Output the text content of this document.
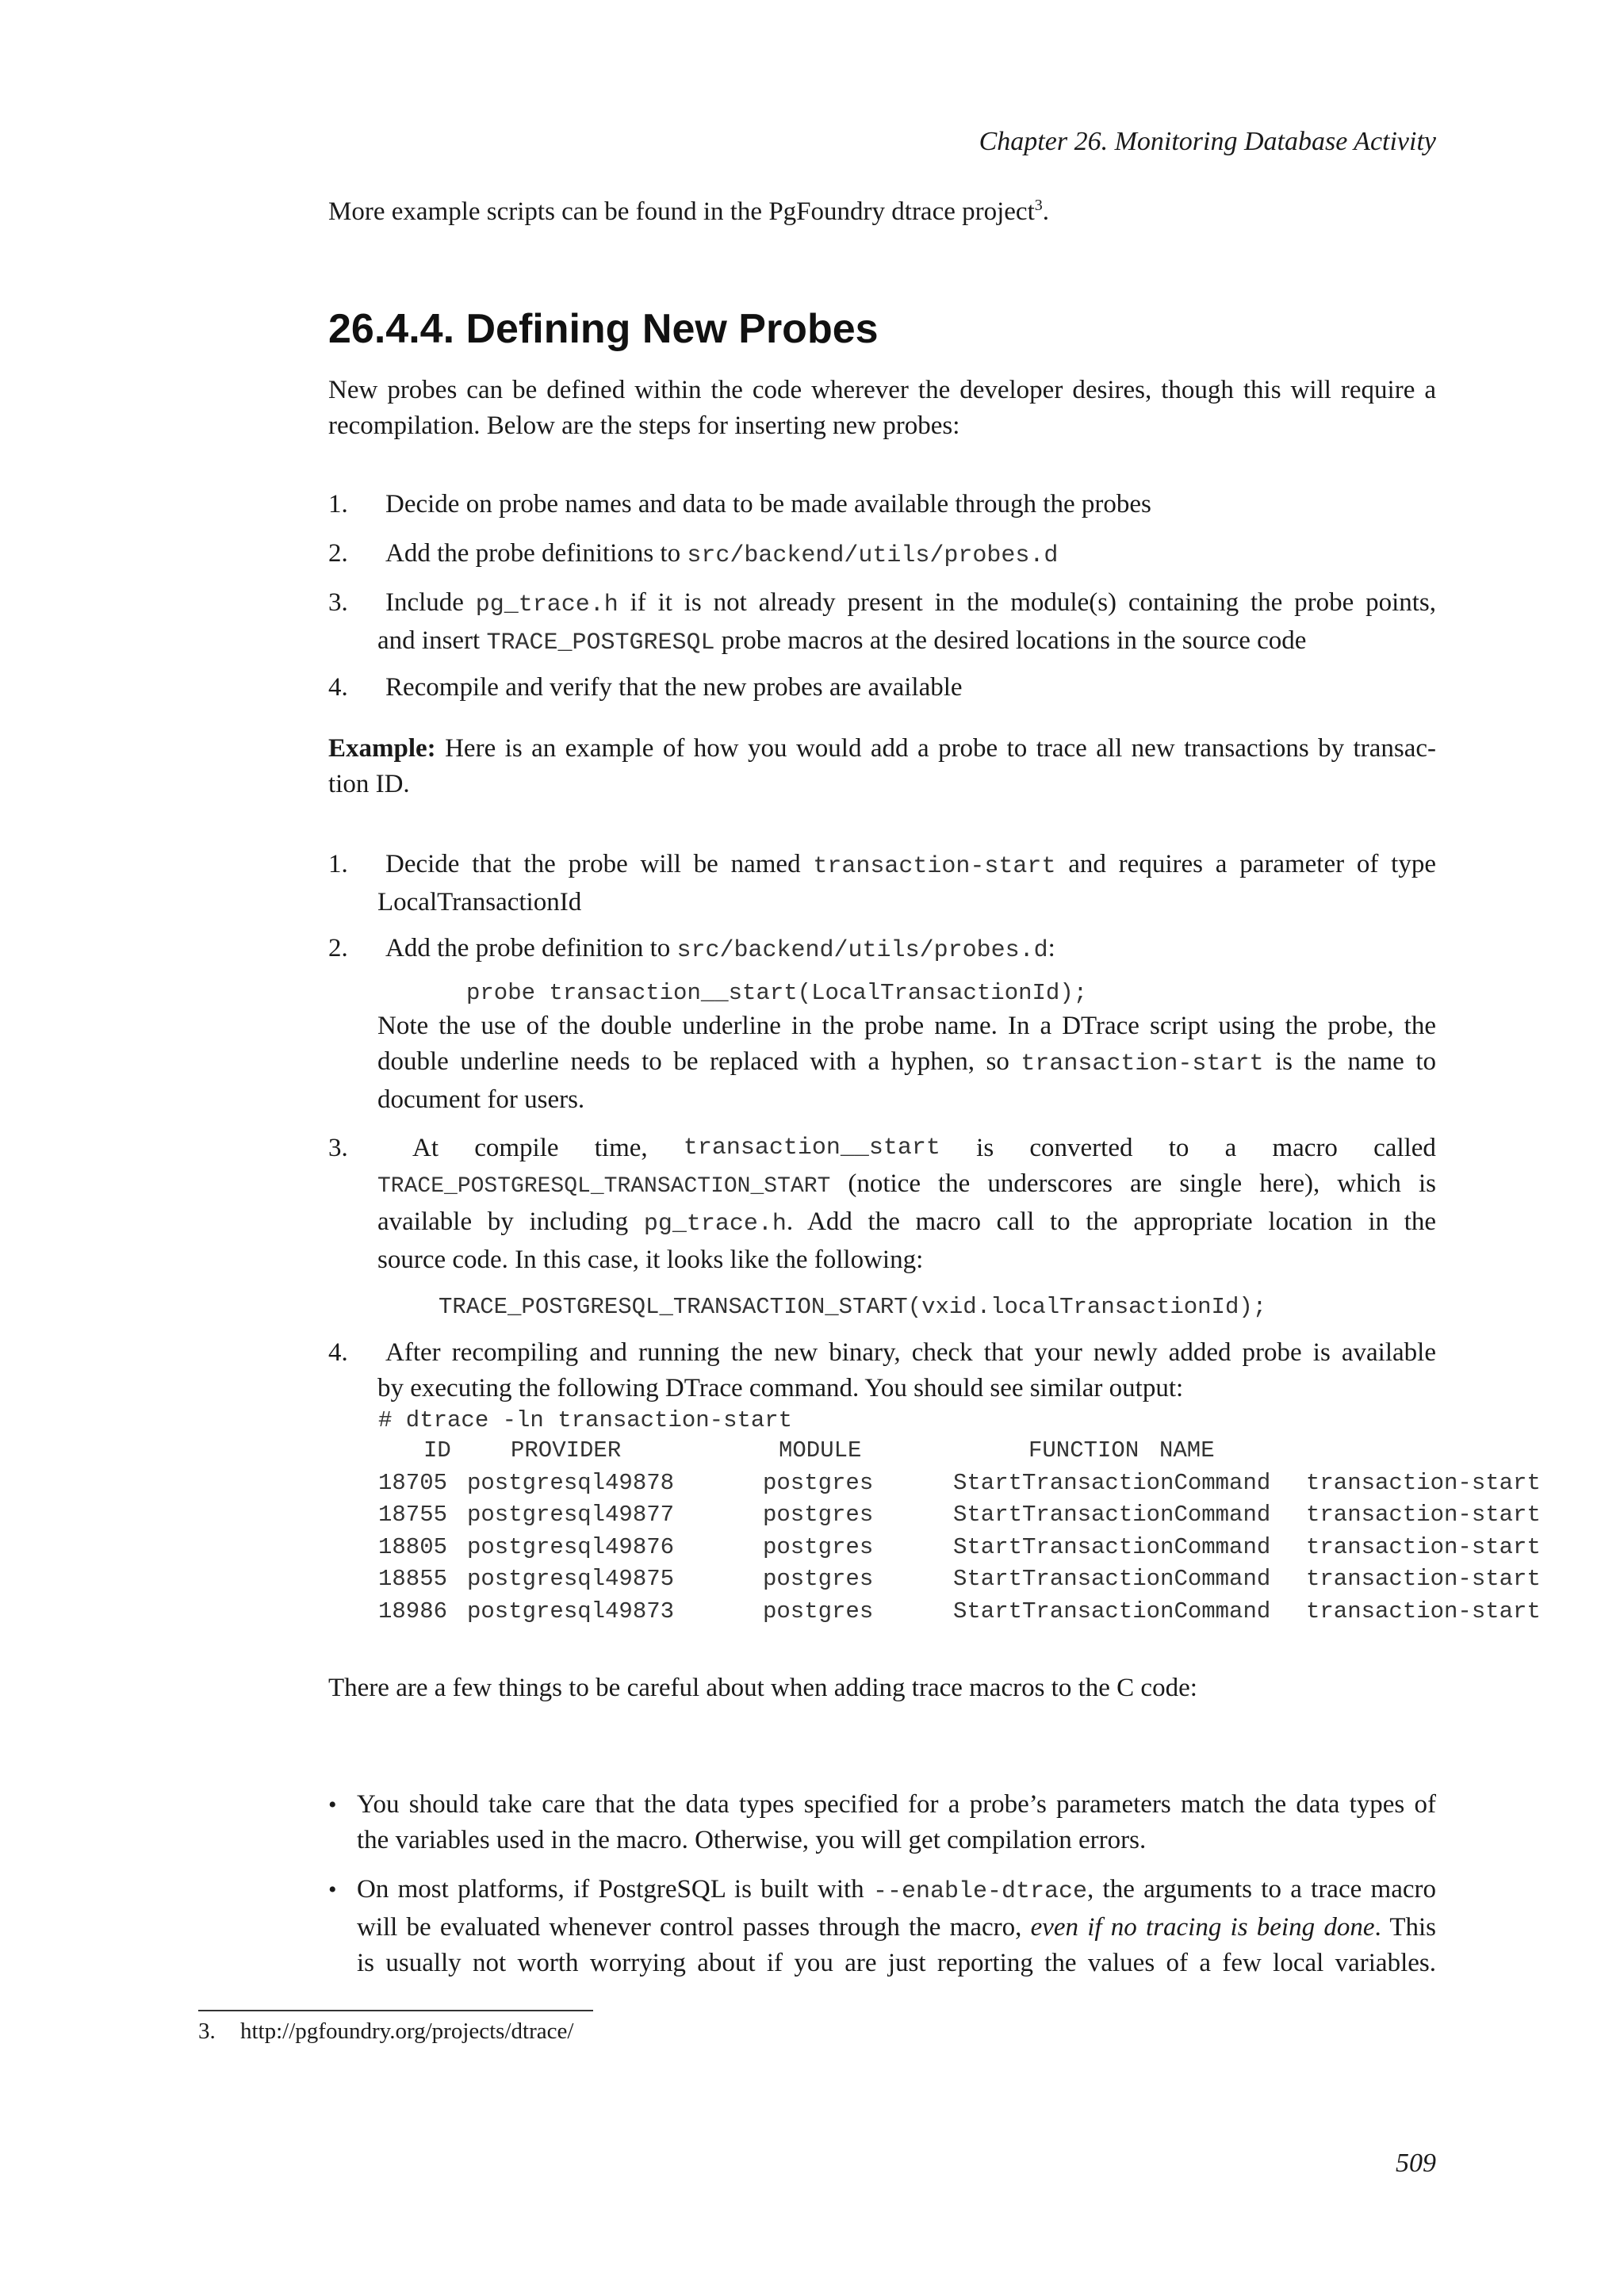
Chapter 26. Monitoring Database Activity
More example scripts can be found in the PgFoundry dtrace project$^3$.
26.4.4. Defining New Probes
New probes can be defined within the code wherever the developer desires, though this will require a
recompilation. Below are the steps for inserting new probes:
1. Decide on probe names and data to be made available through the probes
2. Add the probe definitions to src/backend/utils/probes.d
3. Include pg_trace.h if it is not already present in the module(s) containing the probe points,
and insert TRACE_POSTGRESQL probe macros at the desired locations in the source code
4. Recompile and verify that the new probes are available
Example: Here is an example of how you would add a probe to trace all new transactions by transac-
tion ID.
1. Decide that the probe will be named transaction-start and requires a parameter of type
LocalTransactionId
2. Add the probe definition to src/backend/utils/probes.d:
probe transaction__start(LocalTransactionId);
Note the use of the double underline in the probe name. In a DTrace script using the probe, the
double underline needs to be replaced with a hyphen, so transaction-start is the name to
document for users.
3. At compile time, transaction__start is converted to a macro called
TRACE_POSTGRESQL_TRANSACTION_START (notice the underscores are single here), which is
available by including pg_trace.h. Add the macro call to the appropriate location in the
source code. In this case, it looks like the following:
TRACE_POSTGRESQL_TRANSACTION_START(vxid.localTransactionId);
4.	After recompiling and running the new binary, check that your newly added probe is available
by executing the following DTrace command. You should see similar output:
# dtrace -ln transaction-start
ID	PROVIDER	MODULE	FUNCTION NAME
18705 postgresql49878	postgres	StartTransactionCommand transaction-start
18755 postgresql49877	postgres	StartTransactionCommand transaction-start
18805 postgresql49876	postgres	StartTransactionCommand transaction-start
18855 postgresql49875	postgres	StartTransactionCommand transaction-start
18986 postgresql49873	postgres	StartTransactionCommand transaction-start
There are a few things to be careful about when adding trace macros to the C code:
• You should take care that the data types specified for a probe’s parameters match the data types of
the variables used in the macro. Otherwise, you will get compilation errors.
• On most platforms, if PostgreSQL is built with --enable-dtrace, the arguments to a trace macro
will be evaluated whenever control passes through the macro, even if no tracing is being done. This
is usually not worth worrying about if you are just reporting the values of a few local variables.
3. http://pgfoundry.org/projects/dtrace/
509
